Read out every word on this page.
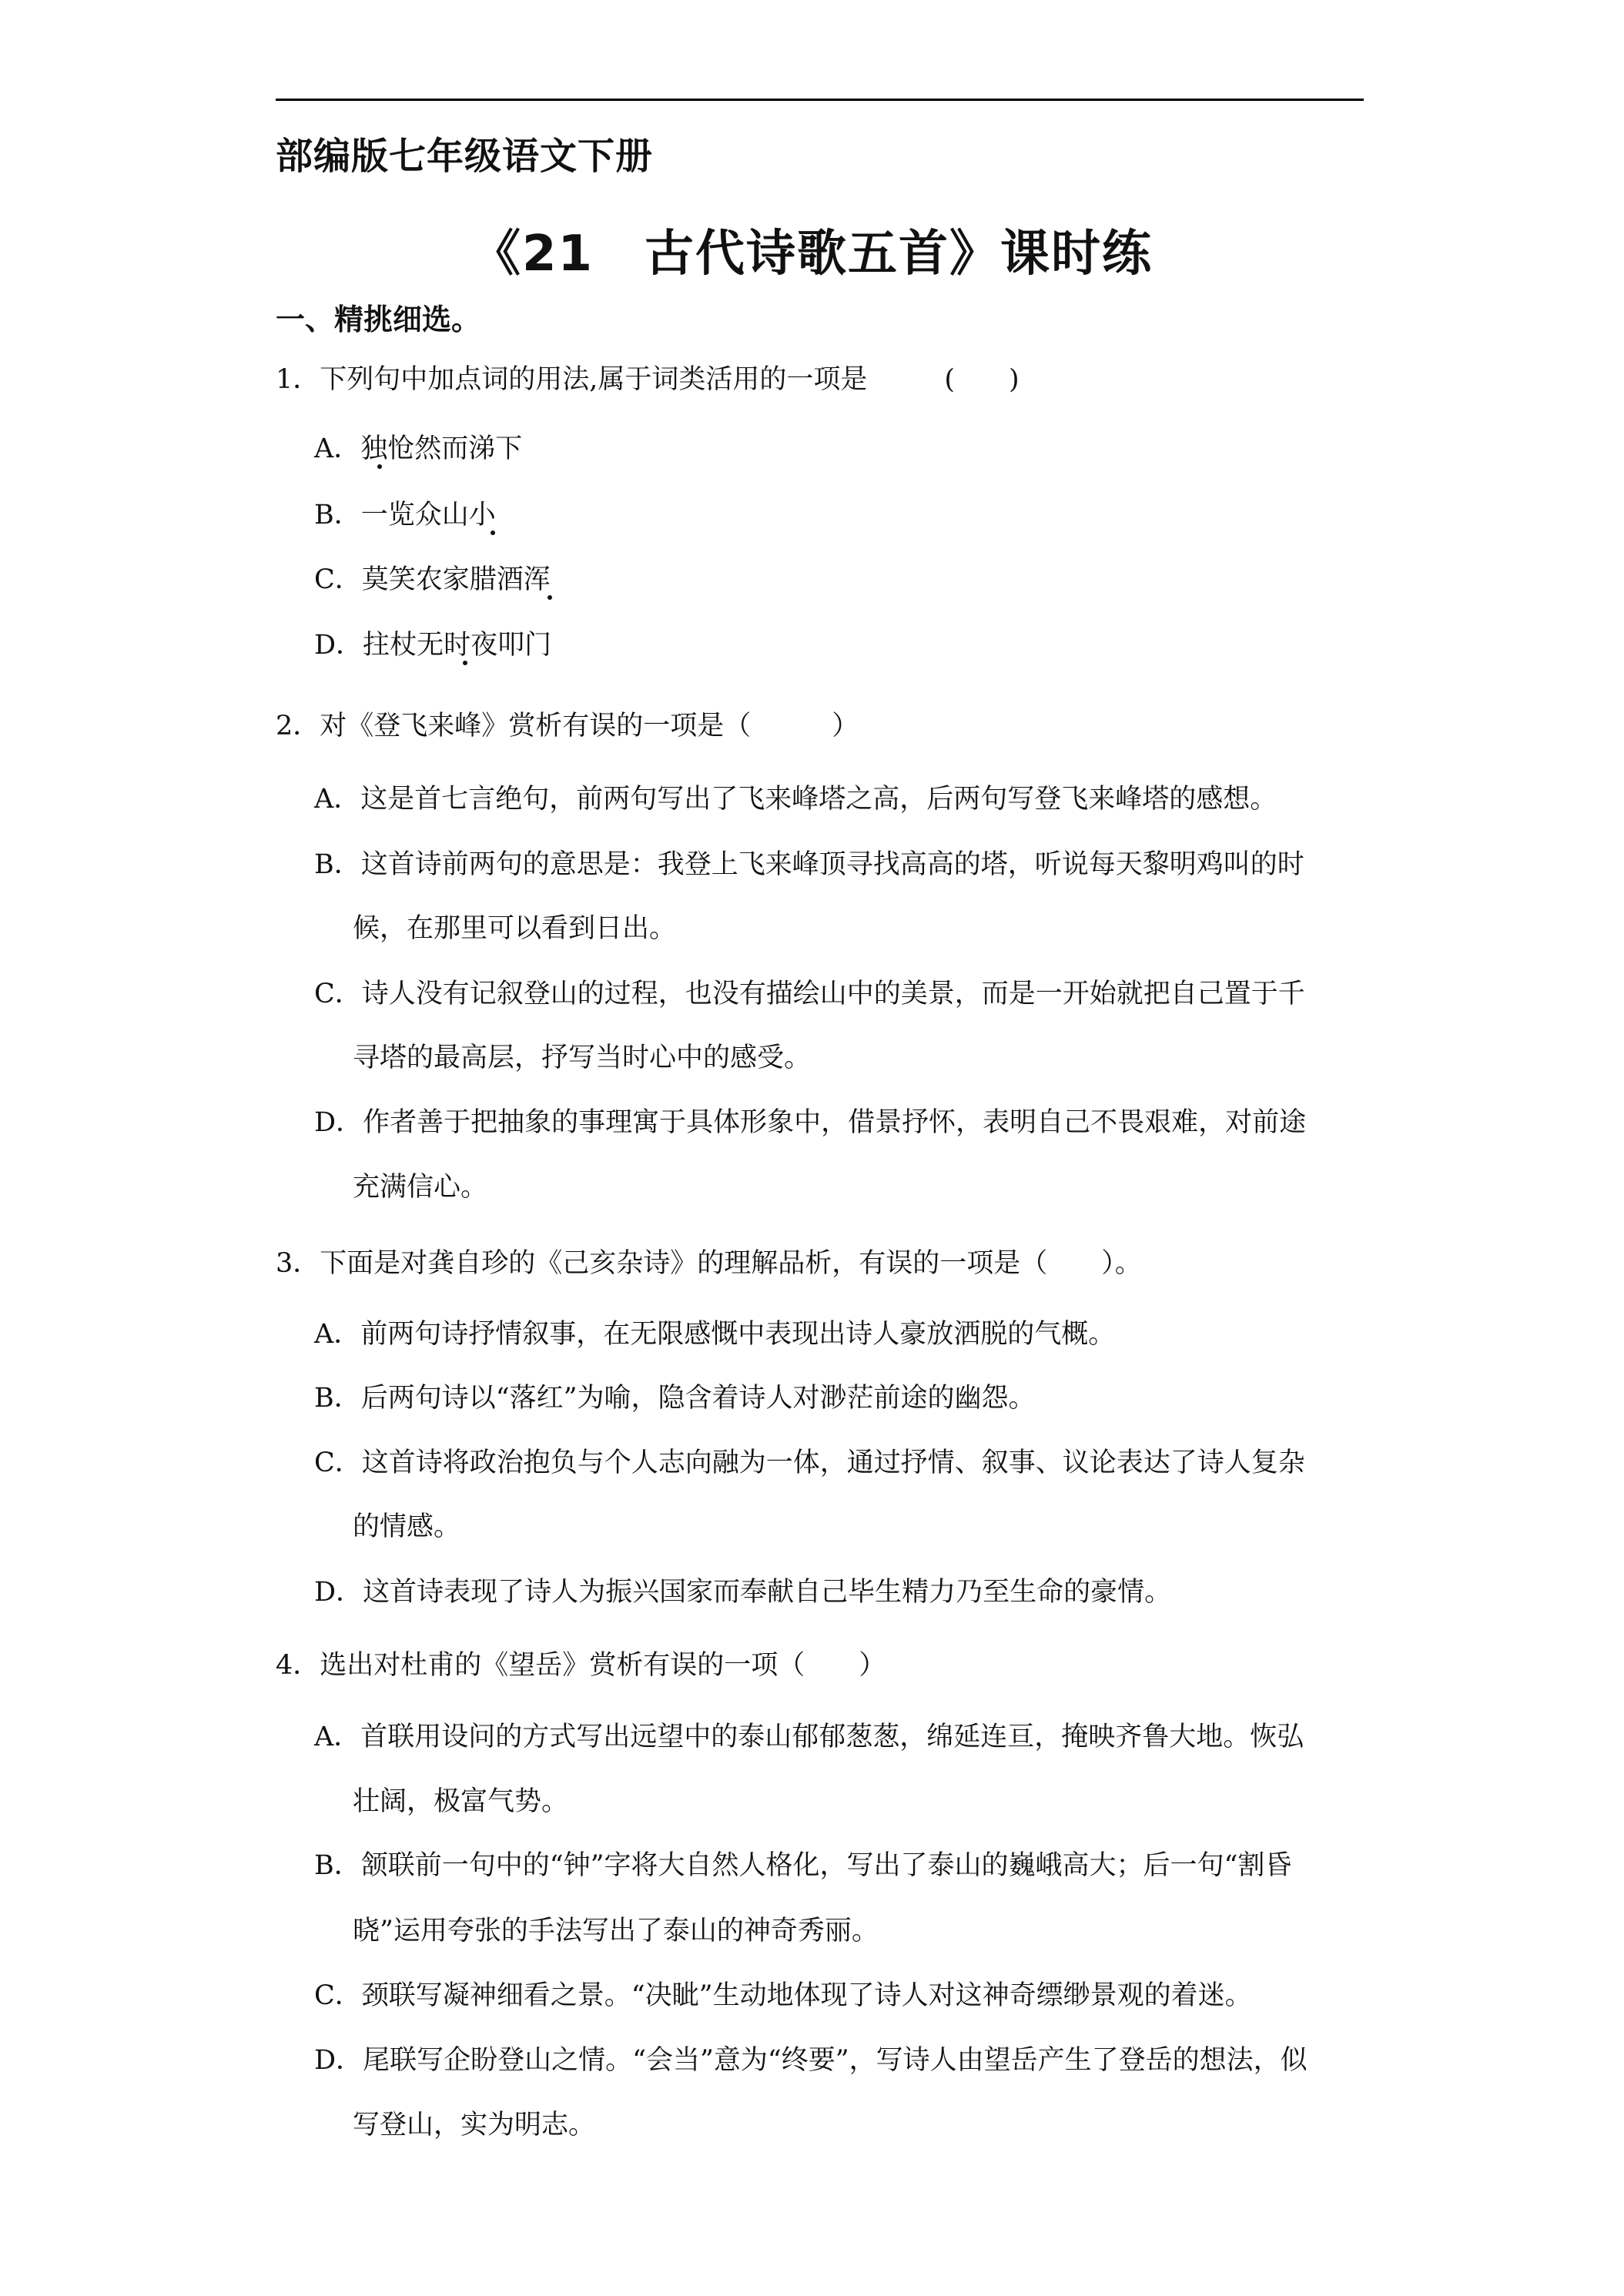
部编版七年级语文下册
《21　古代诗歌五首》课时练
一、精挑细选。
1．下列句中加点词的用法,属于词类活用的一项是	(　　)
A．独怆然而涕下
B．一览众山小
C．莫笑农家腊酒浑
D．拄杖无时夜叩门
2．对《登飞来峰》赏析有误的一项是（　　　）
A．这是首七言绝句，前两句写出了飞来峰塔之高，后两句写登飞来峰塔的感想。
B．这首诗前两句的意思是：我登上飞来峰顶寻找高高的塔，听说每天黎明鸡叫的时
候，在那里可以看到日出。
C．诗人没有记叙登山的过程，也没有描绘山中的美景，而是一开始就把自己置于千
寻塔的最高层，抒写当时心中的感受。
D．作者善于把抽象的事理寓于具体形象中，借景抒怀，表明自己不畏艰难，对前途
充满信心。
3．下面是对龚自珍的《己亥杂诗》的理解品析，有误的一项是（　　）。
A．前两句诗抒情叙事，在无限感慨中表现出诗人豪放洒脱的气概。
B．后两句诗以“落红”为喻，隐含着诗人对渺茫前途的幽怨。
C．这首诗将政治抱负与个人志向融为一体，通过抒情、叙事、议论表达了诗人复杂
的情感。
D．这首诗表现了诗人为振兴国家而奉献自己毕生精力乃至生命的豪情。
4．选出对杜甫的《望岳》赏析有误的一项（　　）
A．首联用设问的方式写出远望中的泰山郁郁葱葱，绵延连亘，掩映齐鲁大地。恢弘
壮阔，极富气势。
B．颔联前一句中的“钟”字将大自然人格化，写出了泰山的巍峨高大；后一句“割昏
晓”运用夸张的手法写出了泰山的神奇秀丽。
C．颈联写凝神细看之景。“决眦”生动地体现了诗人对这神奇缥缈景观的着迷。
D．尾联写企盼登山之情。“会当”意为“终要”，写诗人由望岳产生了登岳的想法，似
写登山，实为明志。
